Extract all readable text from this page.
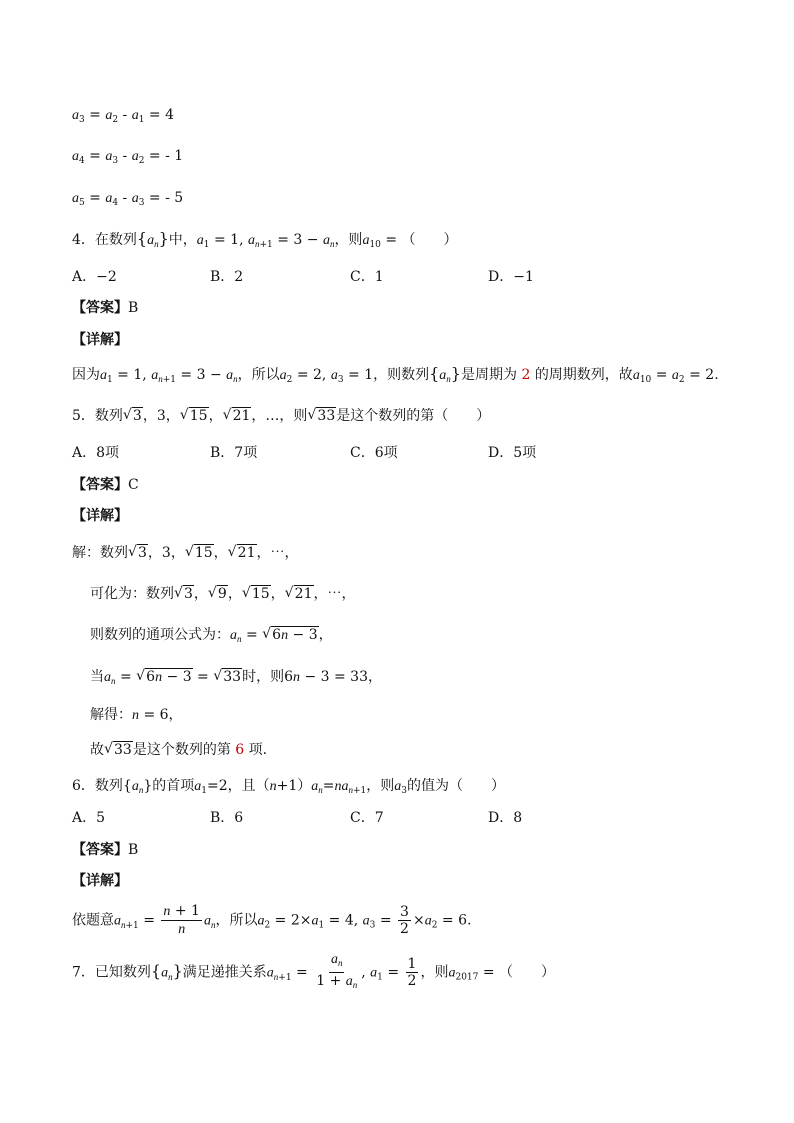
$a_3 = a_2 - a_1 = 4$
$a_4 = a_3 - a_2$ = - 1
$a_5 = a_4 - a_3$ = - 5
4．在数列$\{a_n\}$中，$a_1 = 1$, $a_{n+1} = 3 - a_n$，则$a_{10}$ = （　　）
A．−2	B．2	C．1	D．−1
【答案】B
【详解】
因为$a_1 = 1$, $a_{n+1} = 3 - a_n$，所以$a_2 = 2$, $a_3 = 1$，则数列$\{a_n\}$是周期为 2 的周期数列，故$a_{10} = a_2 = 2$.
5．数列 √ 3，3， √ 15， √ 21，…，则 √ 33是这个数列的第（　　）
A．8项	B．7项	C．6项	D．5项
【答案】C
【详解】
解：数列 √ 3，3， √ 15， √ 21，⋯，
可化为：数列 √ 3， √ 9， √ 15， √ 21，⋯，
则数列的通项公式为：$a_n$ = √ 6n − 3，
当$a_n$ = √ 6n − 3 = √ 33时，则6n − 3 = 33，
解得：n = 6，
故 √ 33是这个数列的第 6 项.
6．数列$\{a_n\}$的首项$a_1=2$，且$(n+1)a_n=na_{n+1}$，则$a_3$的值为（　　）
A．5	B．6	C．7	D．8
【答案】B
【详解】
依题意$a_{n+1} = \frac{n + 1}{n} a_n$，所以$a_2 = 2\times a_1 = 4$, $a_3 = \frac{3}{2} \times a_2 = 6$.
7．已知数列$\{a_n\}$满足递推关系$a_{n+1} = \frac{a_n}{1 + a_n}$ , $a_1 = \frac{1}{2}$ ，则$a_{2017}$ = （　　）
